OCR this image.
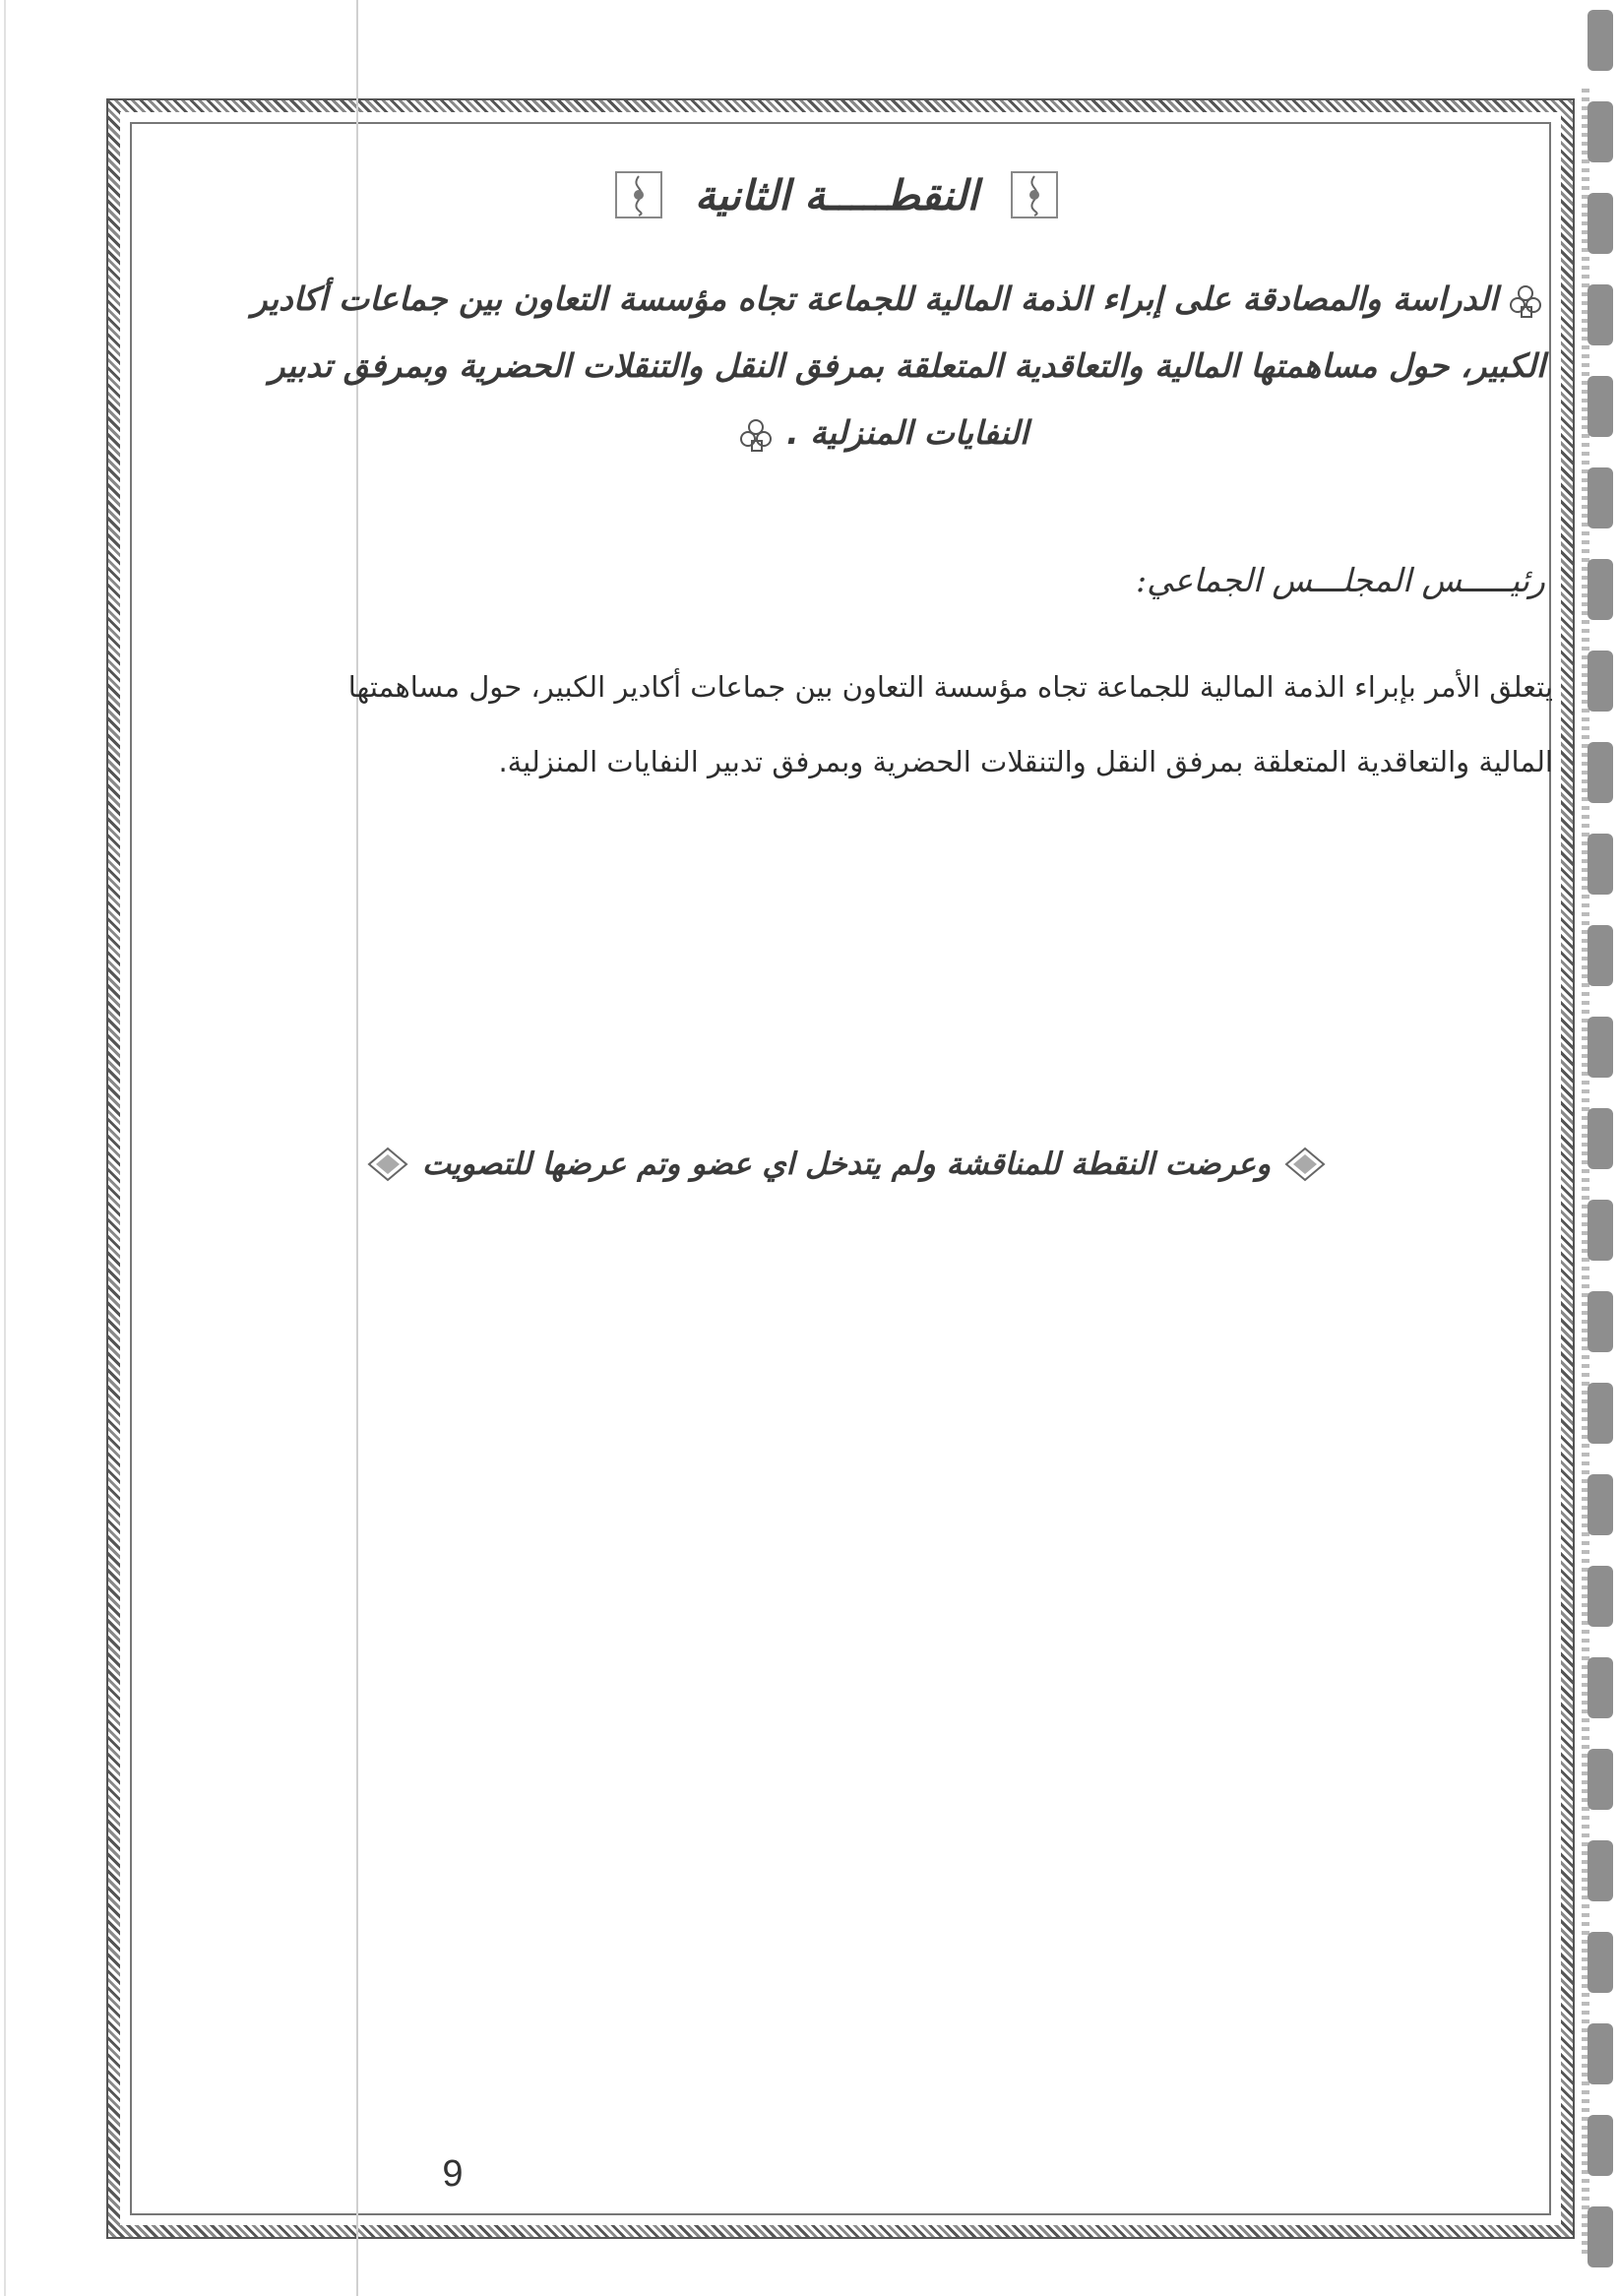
النقطـــــة الثانية
الدراسة والمصادقة على إبراء الذمة المالية للجماعة تجاه مؤسسة التعاون بين جماعات أكادير
الكبير، حول مساهمتها المالية والتعاقدية المتعلقة بمرفق النقل والتنقلات الحضرية وبمرفق تدبير
النفايات المنزلية .
رئيـــــس المجلـــس الجماعي:
يتعلق الأمر بإبراء الذمة المالية للجماعة تجاه مؤسسة التعاون بين جماعات أكادير الكبير، حول مساهمتها
المالية والتعاقدية المتعلقة بمرفق النقل والتنقلات الحضرية وبمرفق تدبير النفايات المنزلية.
وعرضت النقطة للمناقشة ولم يتدخل اي عضو وتم عرضها للتصويت
9
